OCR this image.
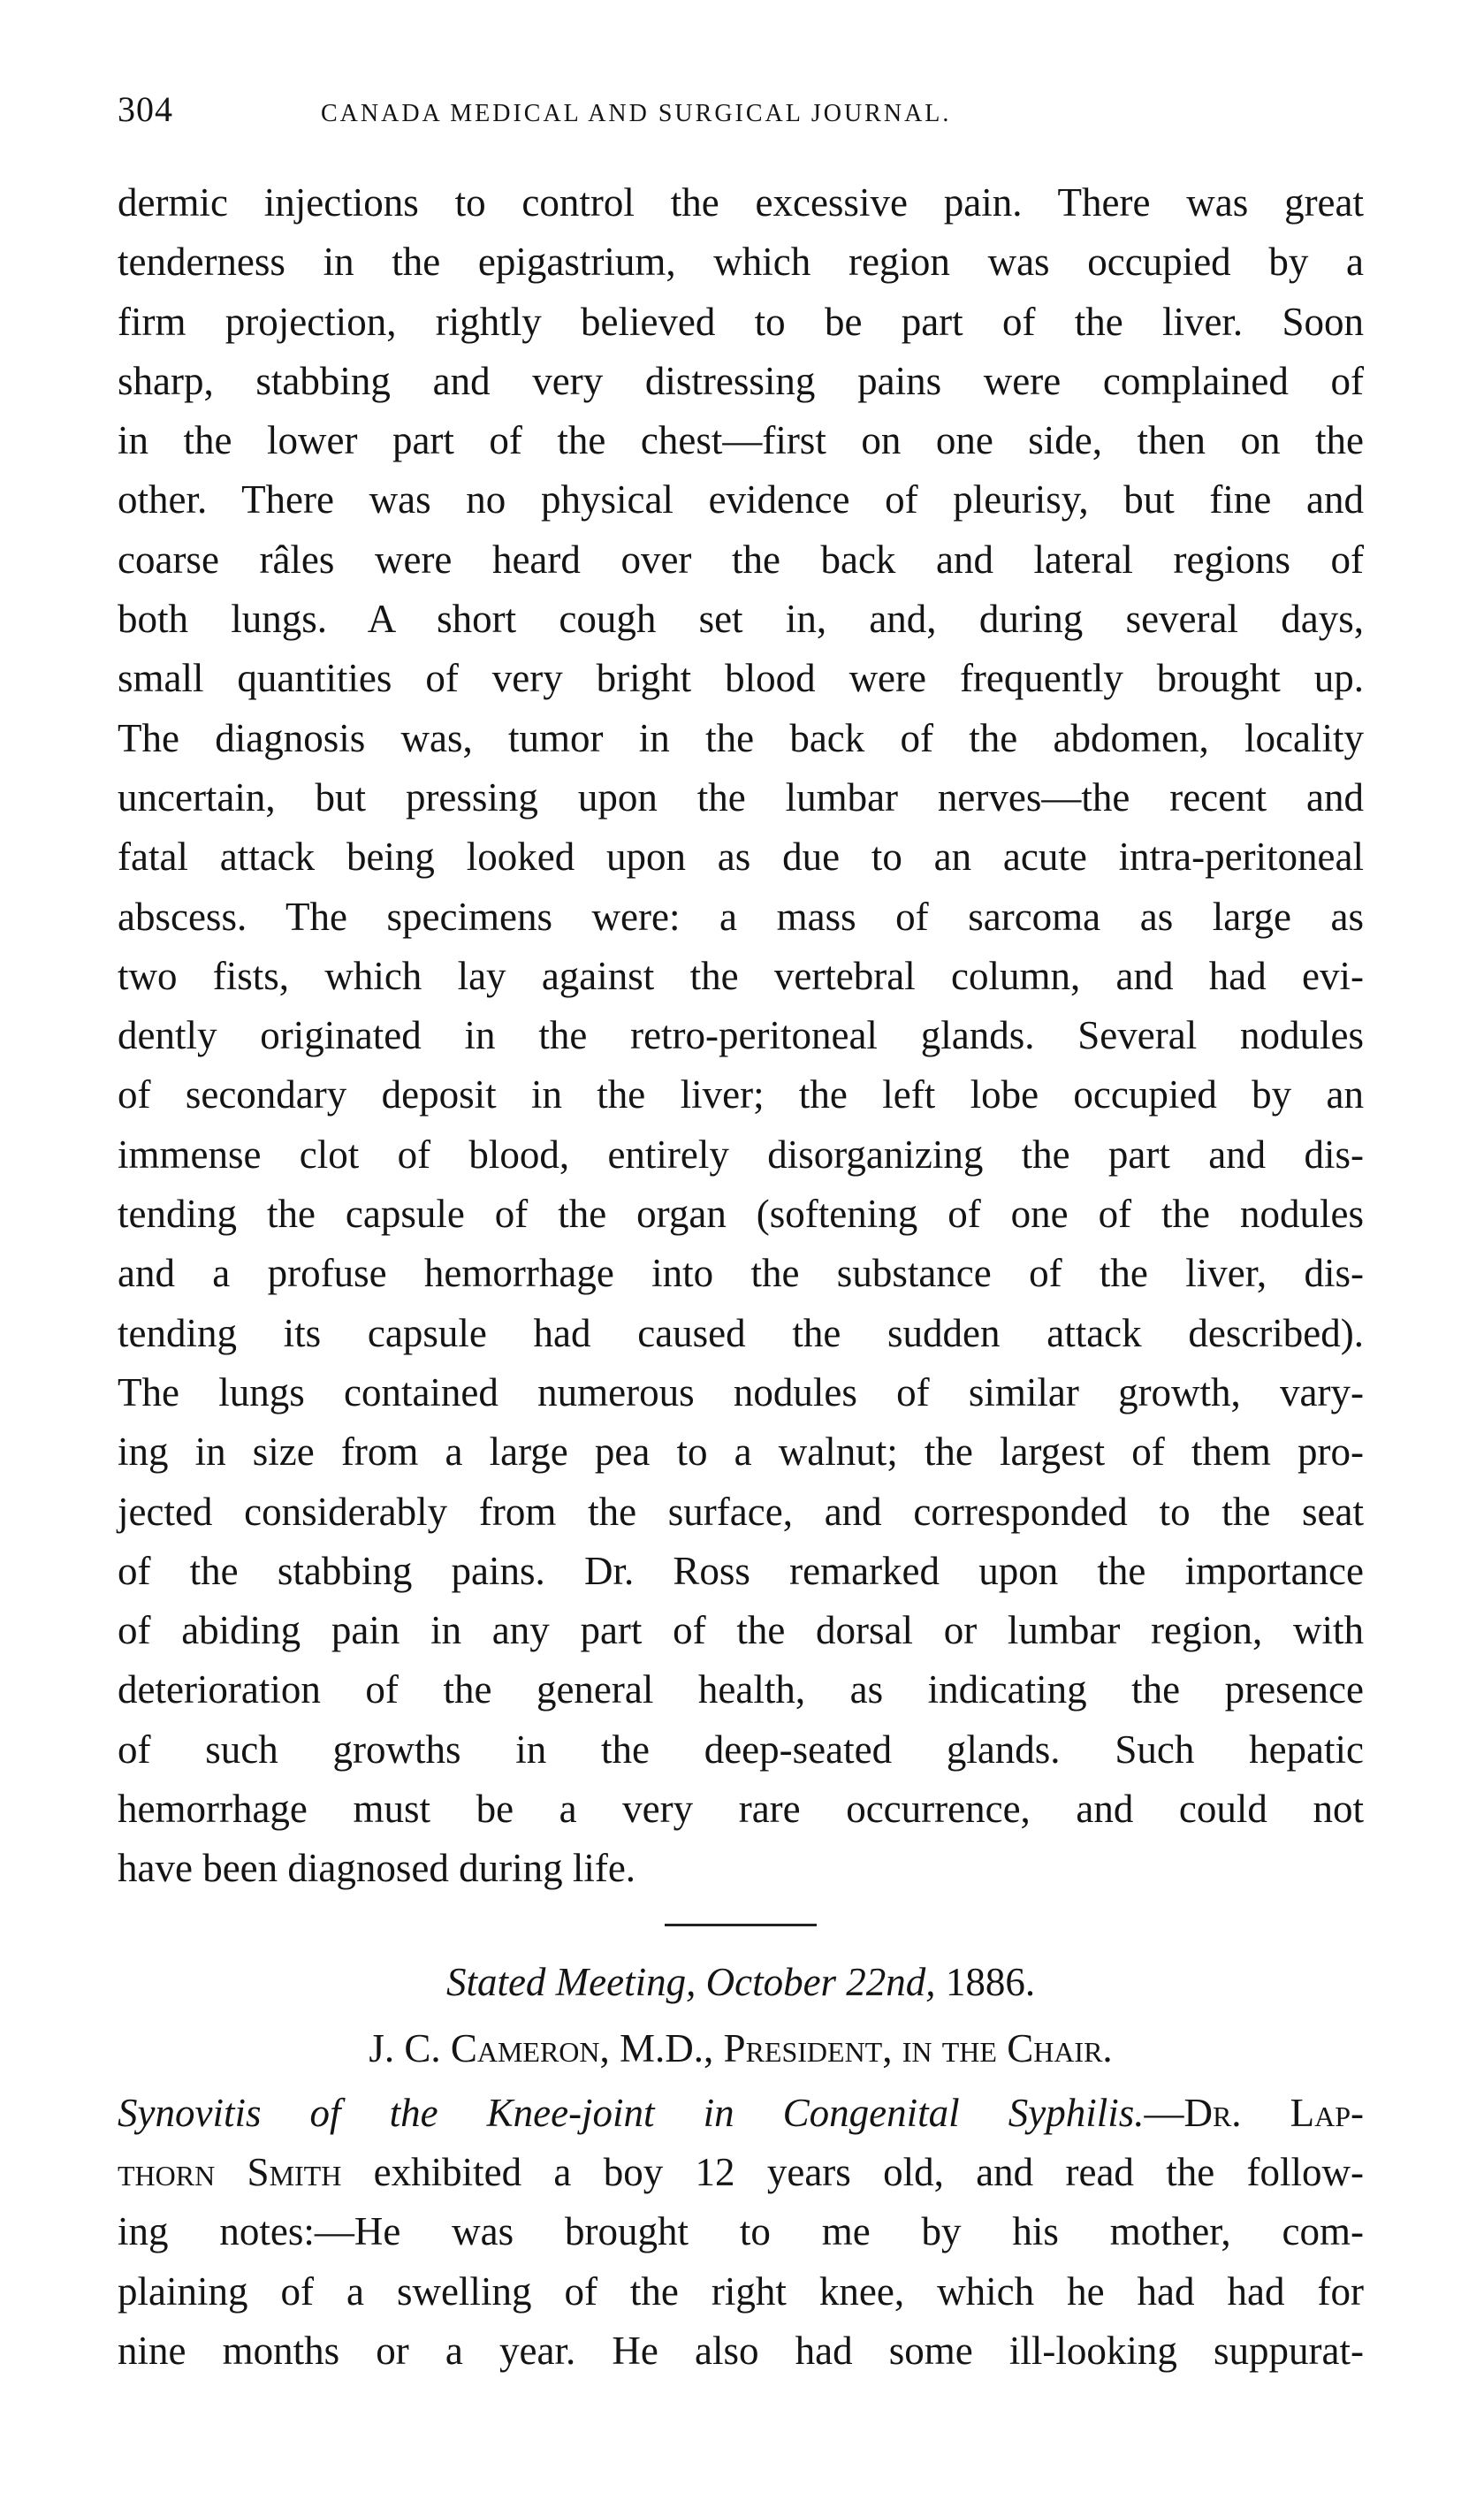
304	CANADA MEDICAL AND SURGICAL JOURNAL.
dermic injections to control the excessive pain. There was great
tenderness in the epigastrium, which region was occupied by a
firm projection, rightly believed to be part of the liver. Soon
sharp, stabbing and very distressing pains were complained of
in the lower part of the chest—first on one side, then on the
other. There was no physical evidence of pleurisy, but fine and
coarse râles were heard over the back and lateral regions of
both lungs. A short cough set in, and, during several days,
small quantities of very bright blood were frequently brought up.
The diagnosis was, tumor in the back of the abdomen, locality
uncertain, but pressing upon the lumbar nerves—the recent and
fatal attack being looked upon as due to an acute intra-peritoneal
abscess. The specimens were: a mass of sarcoma as large as
two fists, which lay against the vertebral column, and had evi-
dently originated in the retro-peritoneal glands. Several nodules
of secondary deposit in the liver; the left lobe occupied by an
immense clot of blood, entirely disorganizing the part and dis-
tending the capsule of the organ (softening of one of the nodules
and a profuse hemorrhage into the substance of the liver, dis-
tending its capsule had caused the sudden attack described).
The lungs contained numerous nodules of similar growth, vary-
ing in size from a large pea to a walnut; the largest of them pro-
jected considerably from the surface, and corresponded to the seat
of the stabbing pains. Dr. Ross remarked upon the importance
of abiding pain in any part of the dorsal or lumbar region, with
deterioration of the general health, as indicating the presence
of such growths in the deep-seated glands. Such hepatic
hemorrhage must be a very rare occurrence, and could not
have been diagnosed during life.
Stated Meeting, October 22nd, 1886.
J. C. Cameron, M.D., President, in the Chair.
Synovitis of the Knee-joint in Congenital Syphilis.—Dr. Lap-
thorn Smith exhibited a boy 12 years old, and read the follow-
ing notes:—He was brought to me by his mother, com-
plaining of a swelling of the right knee, which he had had for
nine months or a year. He also had some ill-looking suppurat-
